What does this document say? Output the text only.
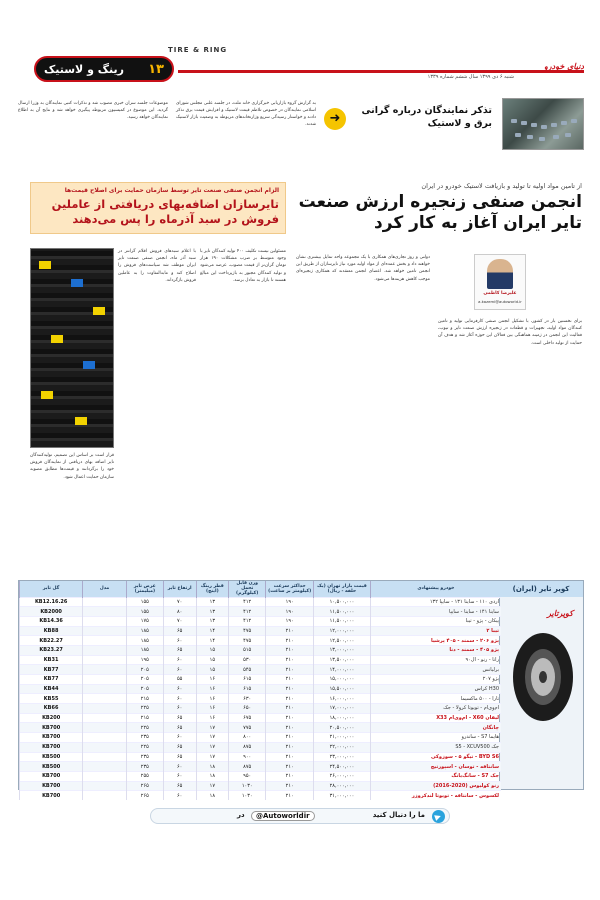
TIRE & RING
۱۳
رینگ و لاستیک
شنبه ۶ دی ۱۳۹۹ سال ششم شماره ۱۳۳۹
دنیای خودرو
تذکر نمایندگان درباره گرانی برق و لاستیک
➜
به گزارش گروه بازاریابی خبرگزاری خانه ملت، در جلسه علنی مجلس شورای اسلامی نمایندگان در خصوص تلاطم قیمت لاستیک و افزایش قیمت برق تذکر دادند و خواستار رسیدگی سریع وزارتخانه‌های مربوطه به وضعیت بازار لاستیک شدند.
موضوعات جلسه سران خبری مصوب شد و تذکرات کتبی نمایندگان به وزرا ارسال گردید. این موضوع در کمیسیون مربوطه پیگیری خواهد شد و نتایج آن به اطلاع نمایندگان خواهد رسید.
الزام انجمن صنفی صنعت تایر توسط سازمان حمایت برای اصلاح قیمت‌ها
تایرسازان اضافه‌بهای دریافتی از عاملین فروش در سبد آذرماه را پس می‌دهند
مسئولین نیست تکلیف ۴۰۰ تولید کنندگان تایر با وجود متوسط بر ضرب مشکلات ۱۹۰ هزار تومان گران‌تر از قیمت مصوب، عرضه می‌شود و تولید کنندگان مجبور به بازپرداخت این مبالغ هستند تا بازار به تعادل برسد.
با اعلام سبدهای فروش اقلام گرانتر در سبد آذر ماه، انجمن صنفی صنعت تایر ایران موظف شد سیاست‌های فروش را اصلاح کند و مابه‌التفاوت را به عاملین فروش بازگرداند.
قرار است بر اساس این تصمیم، تولیدکنندگان تایر اضافه بهای دریافتی از نمایندگان فروش خود را برگردانند و قیمت‌ها مطابق مصوبه سازمان حمایت اعمال شود.
از تامین مواد اولیه تا تولید و بازیافت لاستیک خودرو در ایران
انجمن صنفی زنجیره ارزش صنعت تایر ایران آغاز به کار کرد
علیرضا کاظمی
a.kazemi@autoworld.ir
برای نخستین بار در کشور، با تشکیل انجمن صنفی کارفرمایی تولید و تامین کنندگان مواد اولیه، تجهیزات و قطعات در زنجیره ارزش صنعت تایر و تیوب، فعالیت این انجمن در زمینه هماهنگی بین فعالان این حوزه آغاز شد و هدف آن حمایت از تولید داخلی است.
دولتی و روز تجاری‌های همکاری با یک مجموعه واحد تمایل بیشتری نشان خواهند داد و بخش عمده‌ای از مواد اولیه مورد نیاز تایرسازان از طریق این انجمن تامین خواهد شد. اعضای انجمن معتقدند که همکاری زنجیره‌ای موجب کاهش هزینه‌ها می‌شود.
کویر تایر (ایران)
کویرتایر
خودرو پیشنهادی	قیمت بازار تهران (یک حلقه - ریال)	حداکثر سرعت (کیلومتر بر ساعت)	وزن قابل تحمل (کیلوگرم)	قطر رینگ (اینچ)	ارتفاع تایر	عرض تایر (میلیمتر)	مدل	گل تایر
اردی ۱۱۰ - ساینا ۱۳۱ - سایپا ۱۳۲	۱۰,۵۰۰,۰۰۰	۱۹۰	۴۱۲	۱۳	۷۰	۱۵۵		KB12.16.26
ساینا ۱۴۱ - ساینا - سایپا	۱۱,۵۰۰,۰۰۰	۱۹۰	۴۱۲	۱۳	۸۰	۱۵۵		KB2000
پیکان - پژو - تیبا	۱۱,۵۰۰,۰۰۰	۱۹۰	۴۱۲	۱۳	۷۰	۱۷۵		KB14.36
تیبا ۲	۱۲,۰۰۰,۰۰۰	۲۱۰	۴۷۵	۱۴	۶۵	۱۸۵		KB88
پژو ۲۰۶ - سمند - ۴۰۵ پرشیا	۱۲,۵۰۰,۰۰۰	۲۱۰	۴۷۵	۱۴	۶۰	۱۸۵		KB22.27
پژو ۴۰۵ - سمند - دنا	۱۳,۰۰۰,۰۰۰	۲۱۰	۵۱۵	۱۵	۶۵	۱۸۵		KB23.27
رانا - رنو - ال۹۰	۱۳,۵۰۰,۰۰۰	۲۱۰	۵۳۰	۱۵	۶۰	۱۹۵		KB31
برلیانس	۱۴,۰۰۰,۰۰۰	۲۱۰	۵۴۵	۱۵	۶۰	۲۰۵		KB77
پژو ۲۰۷	۱۵,۰۰۰,۰۰۰	۲۱۰	۶۱۵	۱۶	۵۵	۲۰۵		KB77
H30 کراس	۱۵,۵۰۰,۰۰۰	۲۱۰	۶۱۵	۱۶	۶۰	۲۰۵		KB44
تارا - ۵۰۰ ماکسیما	۱۶,۰۰۰,۰۰۰	۲۱۰	۶۳۰	۱۶	۶۰	۲۱۵		KB55
ام‌وی‌ام - تویوتا کرولا - جک	۱۷,۰۰۰,۰۰۰	۲۱۰	۶۵۰	۱۶	۶۰	۲۲۵		KB66
لیفان X60 - ام‌وی‌ام X33	۱۸,۰۰۰,۰۰۰	۲۱۰	۶۷۵	۱۶	۶۵	۲۱۵		KB200
چانگان	۲۰,۵۰۰,۰۰۰	۲۱۰	۷۷۵	۱۷	۶۵	۲۲۵		KB700
هایما S7 - ساندرو	۲۱,۰۰۰,۰۰۰	۲۱۰	۸۰۰	۱۷	۶۰	۲۳۵		KB700
جک S5 - XCUV500	۲۲,۰۰۰,۰۰۰	۲۱۰	۸۷۵	۱۷	۶۵	۲۲۵		KB700
BYD S6 - تیگو ۵ - سوزوکی	۲۳,۰۰۰,۰۰۰	۲۱۰	۹۰۰	۱۷	۶۵	۲۳۵		KB500
سانتافه - توسان - اسپورتیج	۲۴,۵۰۰,۰۰۰	۲۱۰	۸۷۵	۱۸	۶۰	۲۳۵		KB500
جک S7 - سانگ‌یانگ	۲۶,۰۰۰,۰۰۰	۲۱۰	۹۵۰	۱۸	۶۰	۲۵۵		KB700
رنو کولیوس (2020-2016)	۲۸,۰۰۰,۰۰۰	۲۱۰	۱۰۳۰	۱۷	۶۵	۲۶۵		KB700
لکسوس - سانتافه - تویوتا لندکروزر	۳۱,۰۰۰,۰۰۰	۲۱۰	۱۰۳۰	۱۸	۶۰	۲۶۵		KB700
ما را دنبال کنید
@Autoworldir
در
